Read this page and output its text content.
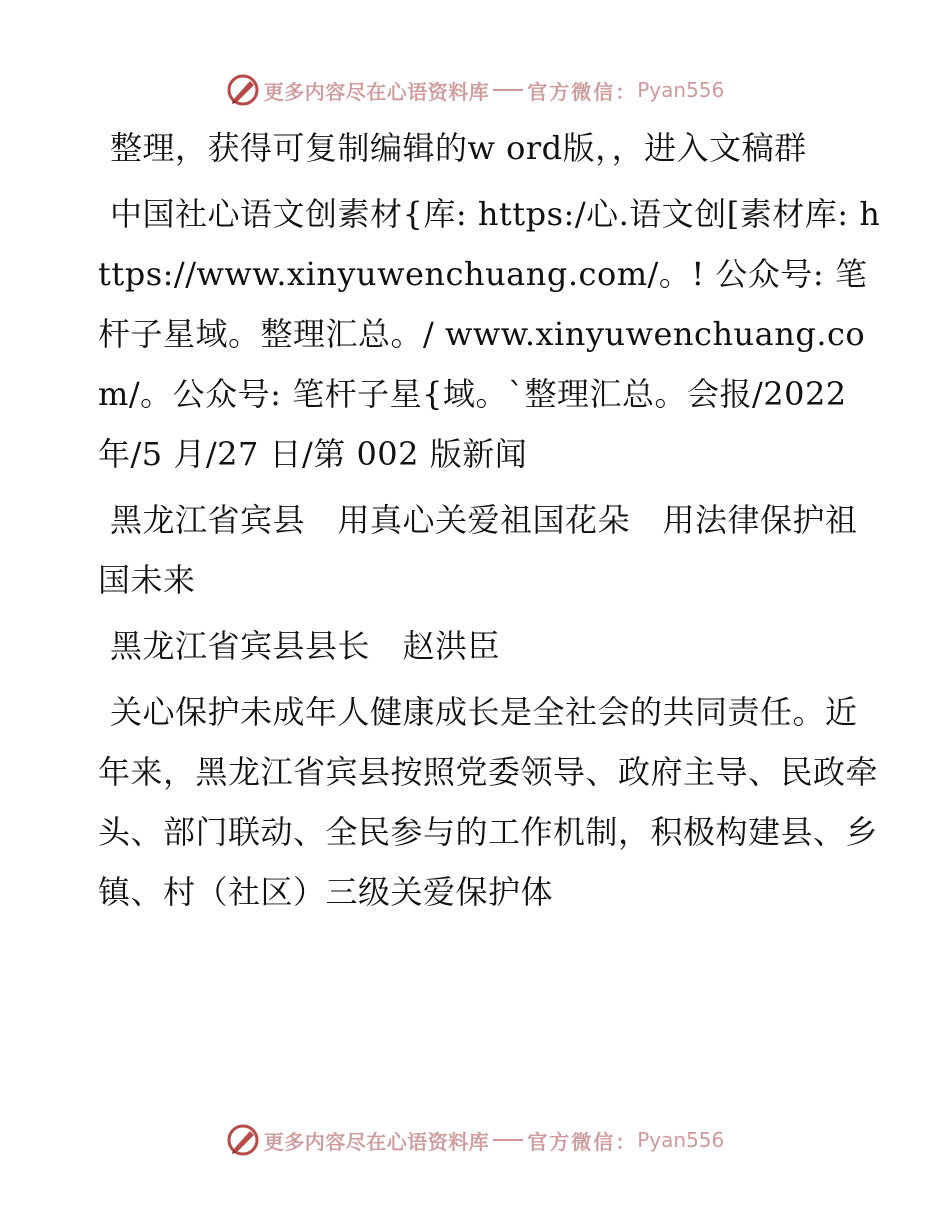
更多内容尽在心语资料库 官方微信： Pyan556

整理，获得可复制编辑的w ord版，，进入文稿群

中国社心语文创素材{库: https:/心.语文创[素材库: https://www.xinyuwenchuang.com/。! 公众号: 笔杆子星域。整理汇总。/ www.xinyuwenchuang.com/。公众号: 笔杆子星{域。`整理汇总。会报/2022 年/5 月/27 日/第 002 版新闻

黑龙江省宾县　用真心关爱祖国花朵　用法律保护祖国未来

黑龙江省宾县县长　赵洪臣

关心保护未成年人健康成长是全社会的共同责任。近年来，黑龙江省宾县按照党委领导、政府主导、民政牵头、部门联动、全民参与的工作机制，积极构建县、乡镇、村（社区）三级关爱保护体

更多内容尽在心语资料库 官方微信： Pyan556
